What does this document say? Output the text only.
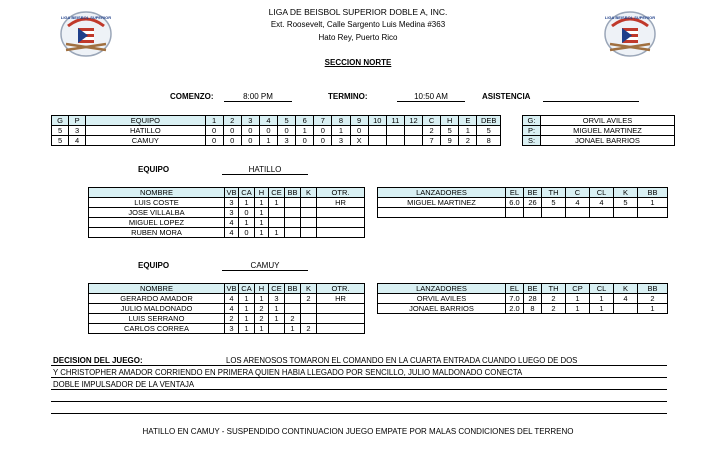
LIGA BEISBOL SUPERIOR	LIGA BEISBOL SUPERIOR
LIGA DE BEISBOL SUPERIOR DOBLE A, INC.
Ext. Roosevelt, Calle Sargento Luis Medina #363
Hato Rey, Puerto Rico
SECCION NORTE
COMENZO:	8:00 PM	TERMINO:	10:50 AM	ASISTENCIA
G	P	EQUIPO	1	2	3	4	5	6	7	8	9	10	11	12	C	H	E	DEB
5	3	HATILLO	0	0	0	0	0	1	0	1	0				2	5	1	5
5	4	CAMUY	0	0	0	1	3	0	0	3	X				7	9	2	8
G:	ORVIL AVILES
P:	MIGUEL MARTINEZ
S:	JONAEL BARRIOS
EQUIPO	HATILLO
NOMBRE	VB	CA	H	CE	BB	K	OTR.
LUIS COSTE	3	1	1	1			HR
JOSE VILLALBA	3	0	1				
MIGUEL LOPEZ	4	1	1				
RUBEN MORA	4	0	1	1			
LANZADORES	EL	BE	TH	C	CL	K	BB
MIGUEL MARTINEZ	6.0	26	5	4	4	5	1

EQUIPO	CAMUY
NOMBRE	VB	CA	H	CE	BB	K	OTR.
GERARDO AMADOR	4	1	1	3		2	HR
JULIO MALDONADO	4	1	2	1			
LUIS SERRANO	2	1	2	1	2		
CARLOS CORREA	3	1	1		1	2	
LANZADORES	EL	BE	TH	CP	CL	K	BB
ORVIL AVILES	7.0	28	2	1	1	4	2
JONAEL BARRIOS	2.0	8	2	1	1		1
DECISION DEL JUEGO:	LOS ARENOSOS TOMARON EL COMANDO EN LA CUARTA ENTRADA CUANDO LUEGO DE DOS
Y CHRISTOPHER AMADOR CORRIENDO EN PRIMERA QUIEN HABIA LLEGADO POR SENCILLO, JULIO MALDONADO CONECTA
DOBLE IMPULSADOR DE LA VENTAJA
HATILLO EN CAMUY - SUSPENDIDO CONTINUACION JUEGO EMPATE POR MALAS CONDICIONES DEL TERRENO
